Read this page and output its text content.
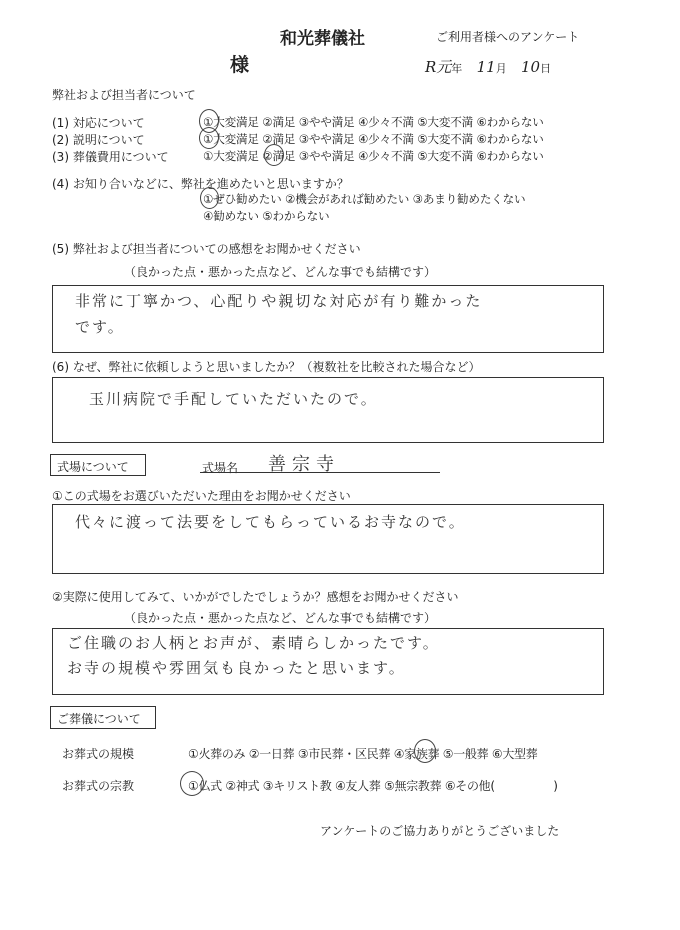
和光葬儀社	ご利用者様へのアンケート
様	R元年 11月 10日
弊社および担当者について
(1) 対応について	①大変満足 ②満足 ③やや満足 ④少々不満 ⑤大変不満 ⑥わからない
(2) 説明について	①大変満足 ②満足 ③やや満足 ④少々不満 ⑤大変不満 ⑥わからない
(3) 葬儀費用について	①大変満足 ②満足 ③やや満足 ④少々不満 ⑤大変不満 ⑥わからない
(4) お知り合いなどに、弊社を進めたいと思いますか？
①ぜひ勧めたい ②機会があれば勧めたい ③あまり勧めたくない
④勧めない ⑤わからない
(5) 弊社および担当者についての感想をお聞かせください
（良かった点・悪かった点など、どんな事でも結構です）
非常に丁寧かつ、心配りや親切な対応が有り難かった
です。
(6) なぜ、弊社に依頼しようと思いましたか？（複数社を比較された場合など）
玉川病院で手配していただいたので。
式場について	式場名 善宗寺
①この式場をお選びいただいた理由をお聞かせください
代々に渡って法要をしてもらっているお寺なので。
②実際に使用してみて、いかがでしたでしょうか？感想をお聞かせください
（良かった点・悪かった点など、どんな事でも結構です）
ご住職のお人柄とお声が、素晴らしかったです。
お寺の規模や雰囲気も良かったと思います。
ご葬儀について
お葬式の規模	①火葬のみ ②一日葬 ③市民葬・区民葬 ④家族葬 ⑤一般葬 ⑥大型葬
お葬式の宗教	①仏式 ②神式 ③キリスト教 ④友人葬 ⑤無宗教葬 ⑥その他(　　　　　)
アンケートのご協力ありがとうございました
